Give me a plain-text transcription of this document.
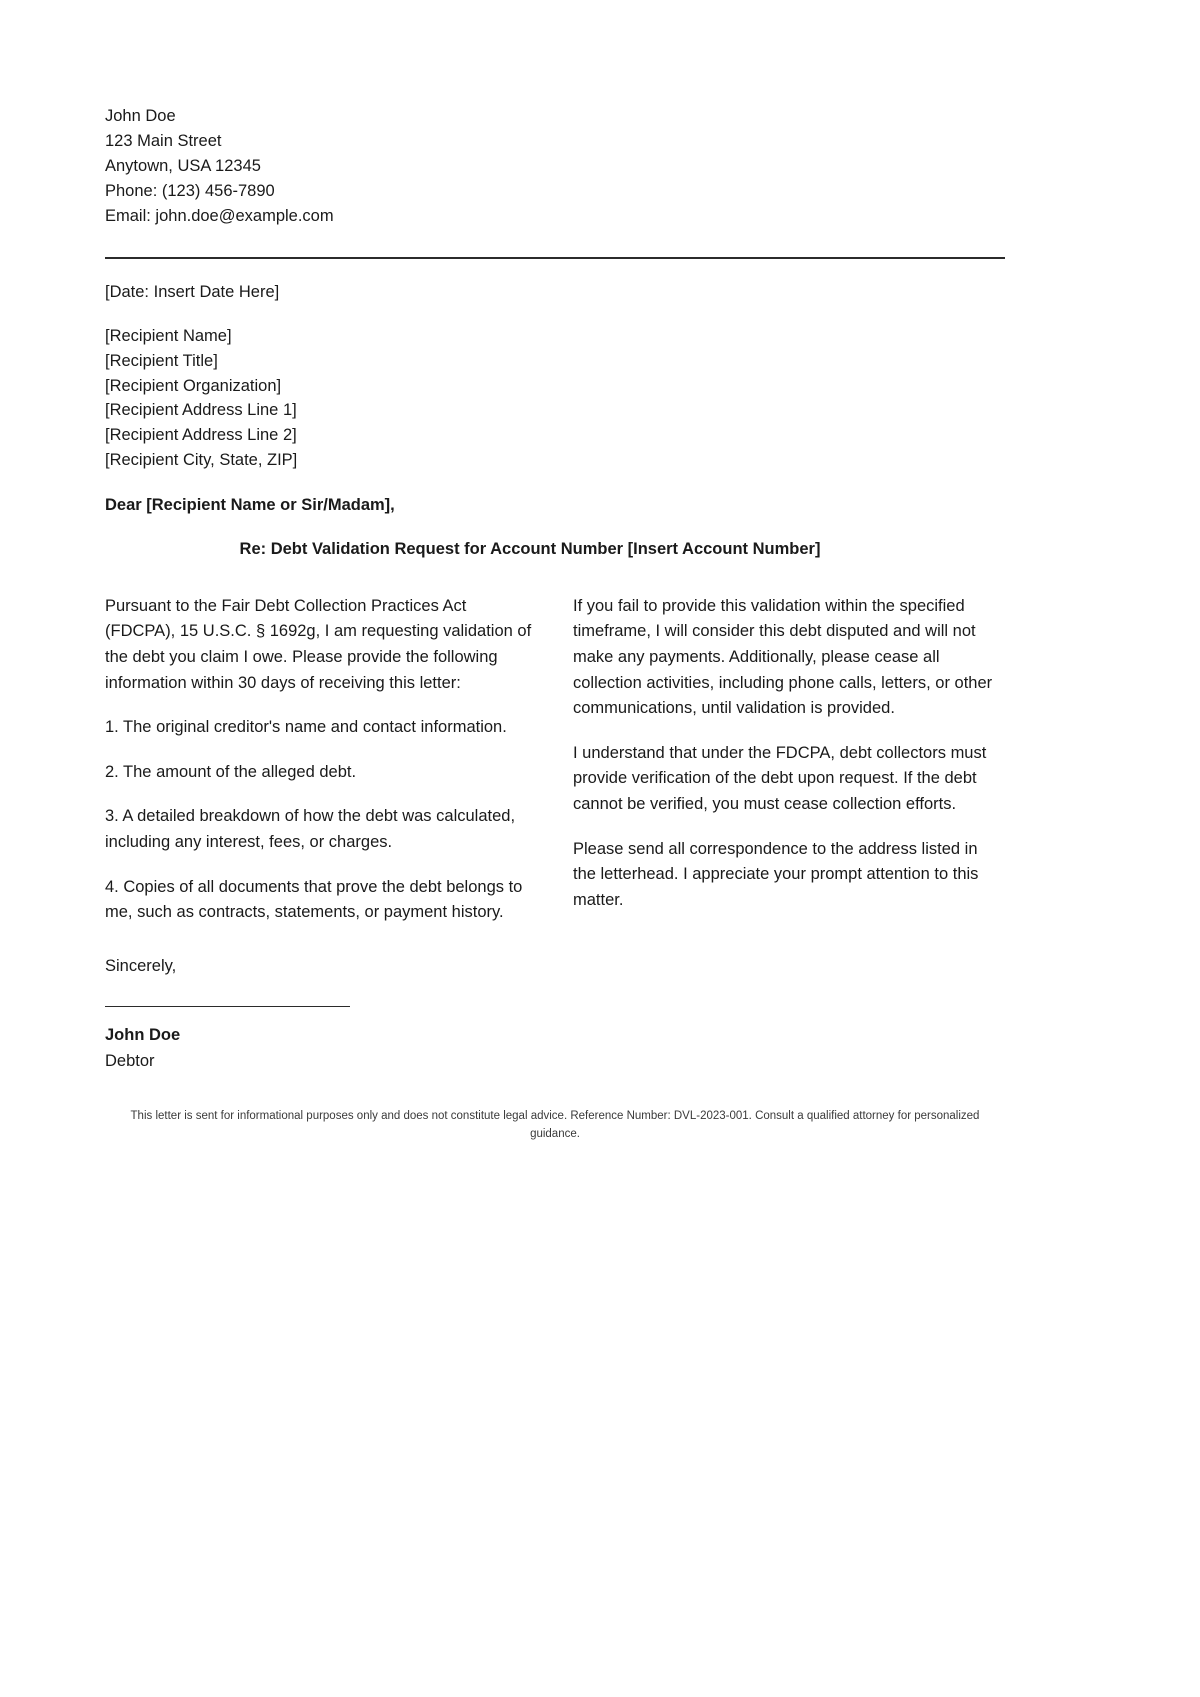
John Doe
123 Main Street
Anytown, USA 12345
Phone: (123) 456-7890
Email: john.doe@example.com
[Date: Insert Date Here]
[Recipient Name]
[Recipient Title]
[Recipient Organization]
[Recipient Address Line 1]
[Recipient Address Line 2]
[Recipient City, State, ZIP]
Dear [Recipient Name or Sir/Madam],
Re: Debt Validation Request for Account Number [Insert Account Number]

Pursuant to the Fair Debt Collection Practices Act (FDCPA), 15 U.S.C. § 1692g, I am requesting validation of the debt you claim I owe. Please provide the following information within 30 days of receiving this letter:

1. The original creditor's name and contact information.

2. The amount of the alleged debt.

3. A detailed breakdown of how the debt was calculated, including any interest, fees, or charges.

4. Copies of all documents that prove the debt belongs to me, such as contracts, statements, or payment history.

If you fail to provide this validation within the specified timeframe, I will consider this debt disputed and will not make any payments. Additionally, please cease all collection activities, including phone calls, letters, or other communications, until validation is provided.

I understand that under the FDCPA, debt collectors must provide verification of the debt upon request. If the debt cannot be verified, you must cease collection efforts.

Please send all correspondence to the address listed in the letterhead. I appreciate your prompt attention to this matter.

Sincerely,
John Doe
Debtor
This letter is sent for informational purposes only and does not constitute legal advice. Reference Number: DVL-2023-001. Consult a qualified attorney for personalized guidance.
